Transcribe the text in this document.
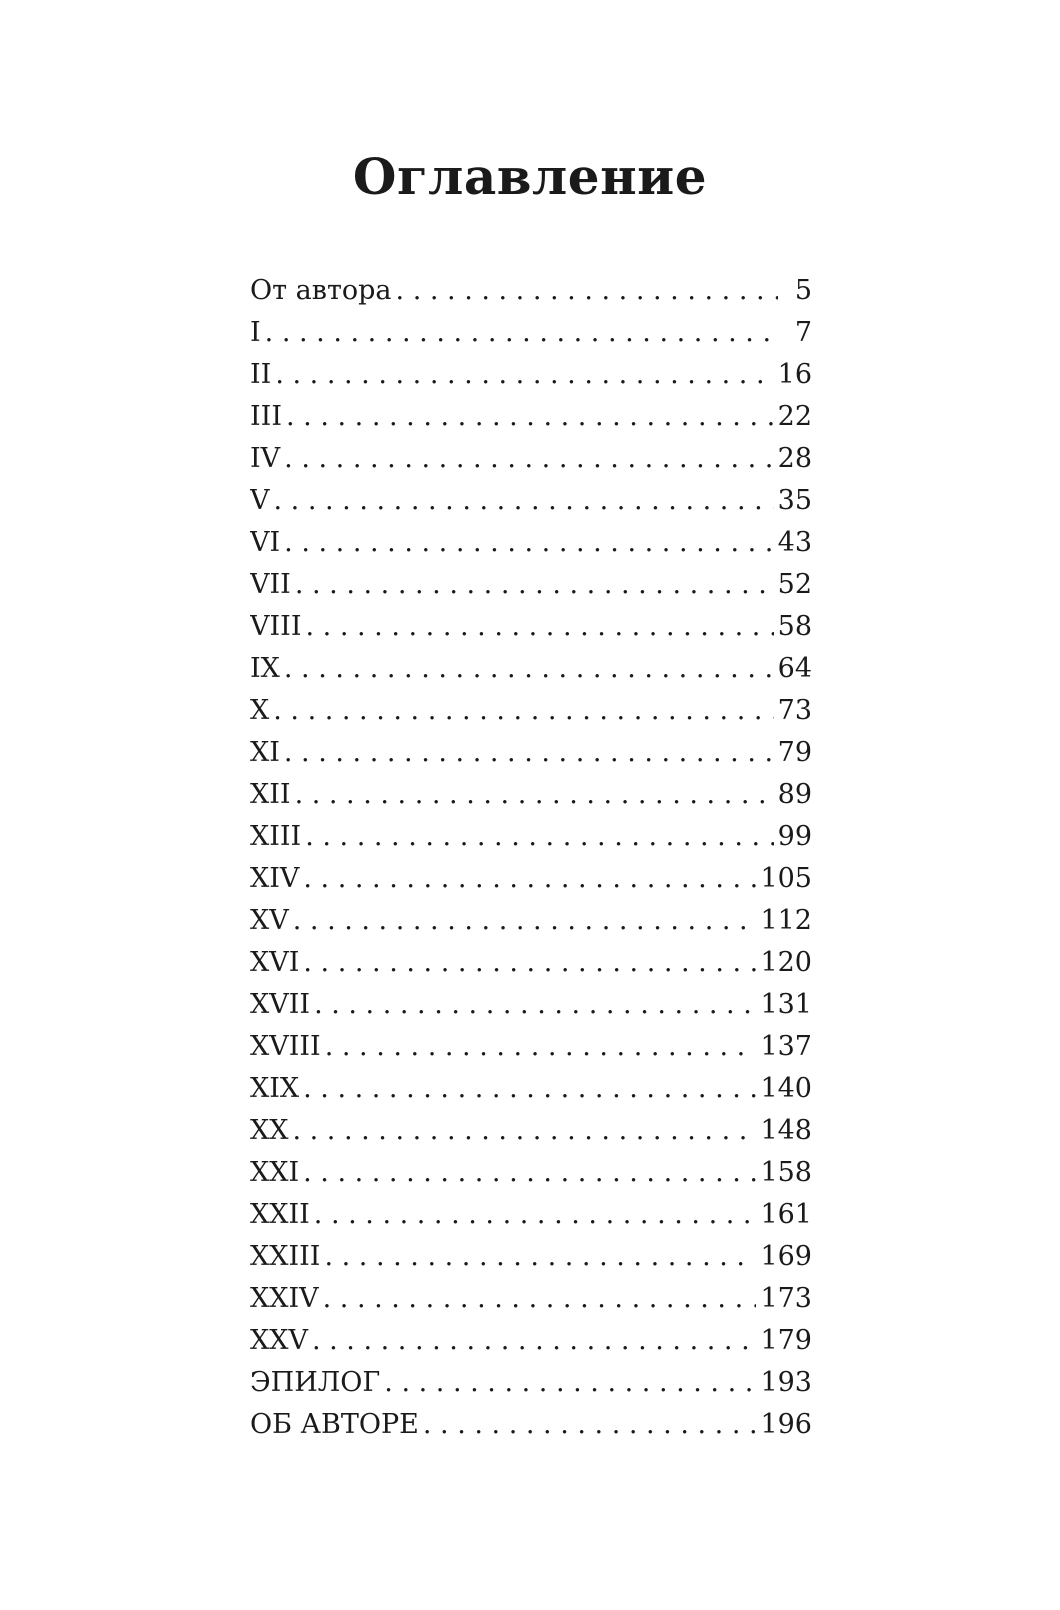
Оглавление
От автора . . .	5
I . . .	7
II . . .	16
III . . .	22
IV . . .	28
V . . .	35
VI . . .	43
VII . . .	52
VIII . . .	58
IX . . .	64
X . . .	73
XI . . .	79
XII . . .	89
XIII . . .	99
XIV . . .	105
XV . . .	112
XVI . . .	120
XVII . . .	131
XVIII . . .	137
XIX . . .	140
XX . . .	148
XXI . . .	158
XXII . . .	161
XXIII . . .	169
XXIV . . .	173
XXV . . .	179
ЭПИЛОГ . . .	193
ОБ АВТОРЕ . . .	196
